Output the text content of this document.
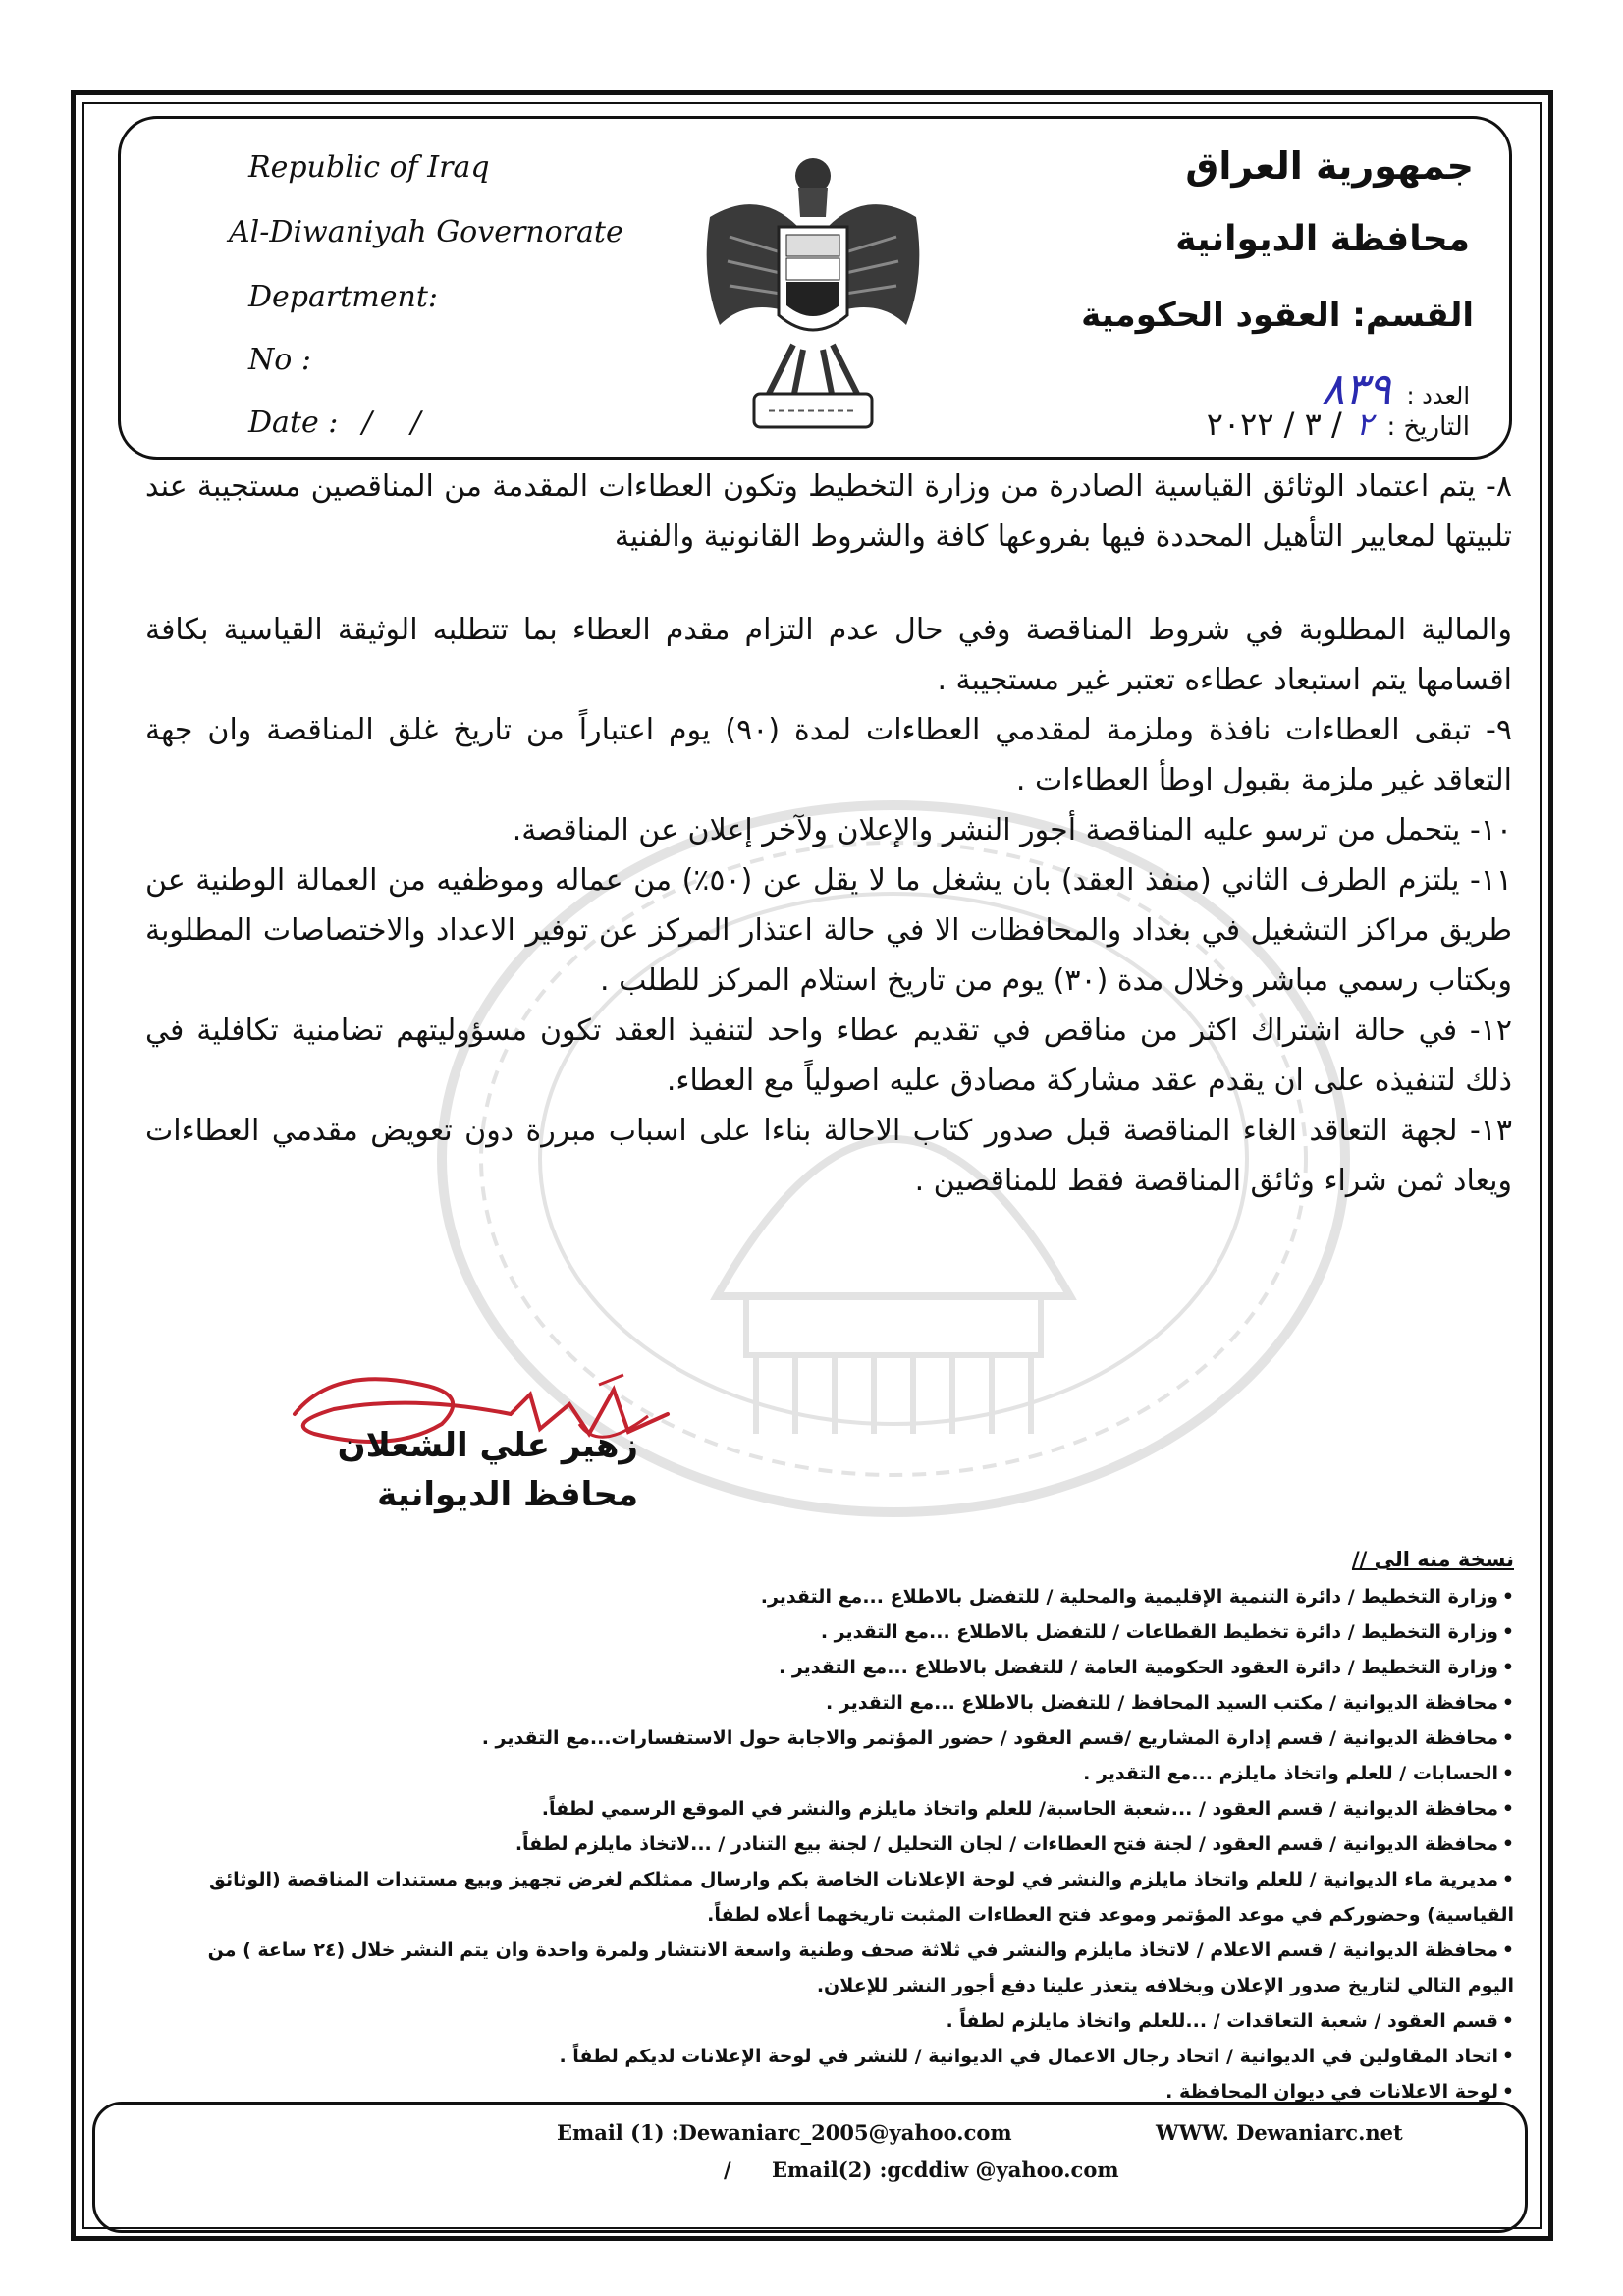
Republic of Iraq
Al-Diwaniyah Governorate
Department:
No :
Date : / /
جمهورية العراق
محافظة الديوانية
القسم: العقود الحكومية
العدد : ٨٣٩
التاريخ : ٢ / ٣ / ٢٠٢٢

٨- يتم اعتماد الوثائق القياسية الصادرة من وزارة التخطيط وتكون العطاءات المقدمة من المناقصين مستجيبة عند تلبيتها لمعايير التأهيل المحددة فيها بفروعها كافة والشروط القانونية والفنية

والمالية المطلوبة في شروط المناقصة وفي حال عدم التزام مقدم العطاء بما تتطلبه الوثيقة القياسية بكافة اقسامها يتم استبعاد عطاءه تعتبر غير مستجيبة .

٩- تبقى العطاءات نافذة وملزمة لمقدمي العطاءات لمدة (٩٠) يوم اعتباراً من تاريخ غلق المناقصة وان جهة التعاقد غير ملزمة بقبول اوطأ العطاءات .

١٠- يتحمل من ترسو عليه المناقصة أجور النشر والإعلان ولآخر إعلان عن المناقصة.

١١- يلتزم الطرف الثاني (منفذ العقد) بان يشغل ما لا يقل عن (٥٠٪) من عماله وموظفيه من العمالة الوطنية عن طريق مراكز التشغيل في بغداد والمحافظات الا في حالة اعتذار المركز عن توفير الاعداد والاختصاصات المطلوبة وبكتاب رسمي مباشر وخلال مدة (٣٠) يوم من تاريخ استلام المركز للطلب .

١٢- في حالة اشتراك اكثر من مناقص في تقديم عطاء واحد لتنفيذ العقد تكون مسؤوليتهم تضامنية تكافلية في ذلك لتنفيذه على ان يقدم عقد مشاركة مصادق عليه اصولياً مع العطاء.

١٣- لجهة التعاقد الغاء المناقصة قبل صدور كتاب الاحالة بناءا على اسباب مبررة دون تعويض مقدمي العطاءات ويعاد ثمن شراء وثائق المناقصة فقط للمناقصين .

زهير علي الشعلان
محافظ الديوانية
نسخة منه الى //

•وزارة التخطيط / دائرة التنمية الإقليمية والمحلية / للتفضل بالاطلاع ...مع التقدير.

•وزارة التخطيط / دائرة تخطيط القطاعات / للتفضل بالاطلاع ...مع التقدير .

•وزارة التخطيط / دائرة العقود الحكومية العامة / للتفضل بالاطلاع ...مع التقدير .

•محافظة الديوانية / مكتب السيد المحافظ / للتفضل بالاطلاع ...مع التقدير .

•محافظة الديوانية / قسم إدارة المشاريع /قسم العقود / حضور المؤتمر والاجابة حول الاستفسارات...مع التقدير .

•الحسابات / للعلم واتخاذ مايلزم ...مع التقدير .

•محافظة الديوانية / قسم العقود / ...شعبة الحاسبة/ للعلم واتخاذ مايلزم والنشر في الموقع الرسمي لطفاً.

•محافظة الديوانية / قسم العقود / لجنة فتح العطاءات / لجان التحليل / لجنة بيع التنادر / ...لاتخاذ مايلزم لطفاً.

•مديرية ماء الديوانية / للعلم واتخاذ مايلزم والنشر في لوحة الإعلانات الخاصة بكم وارسال ممثلكم لغرض تجهيز وبيع مستندات المناقصة (الوثائق القياسية) وحضوركم في موعد المؤتمر وموعد فتح العطاءات المثبت تاريخهما أعلاه لطفاً.

•محافظة الديوانية / قسم الاعلام / لاتخاذ مايلزم والنشر في ثلاثة صحف وطنية واسعة الانتشار ولمرة واحدة وان يتم النشر خلال (٢٤ ساعة ) من اليوم التالي لتاريخ صدور الإعلان وبخلافه يتعذر علينا دفع أجور النشر للإعلان.

•قسم العقود / شعبة التعاقدات / ...للعلم واتخاذ مايلزم لطفاً .

•اتحاد المقاولين في الديوانية / اتحاد رجال الاعمال في الديوانية / للنشر في لوحة الإعلانات لديكم لطفاً .

•لوحة الاعلانات في ديوان المحافظة .

Email (1) :Dewaniarc_2005@yahoo.com	WWW. Dewaniarc.net
/ Email(2) :gcddiw @yahoo.com
